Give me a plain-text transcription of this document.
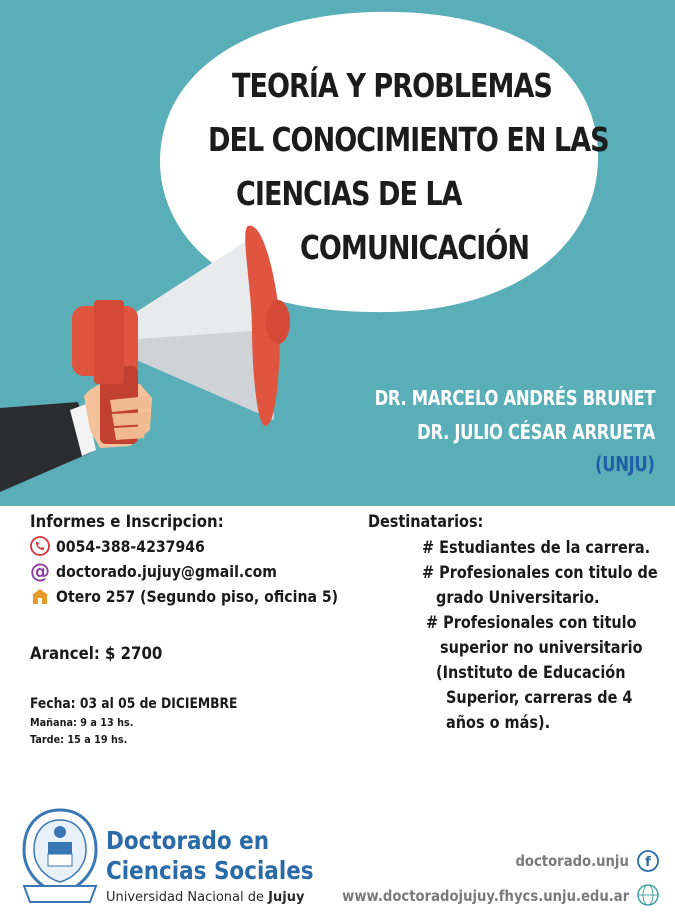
TEORÍA Y PROBLEMAS
DEL CONOCIMIENTO EN LAS
CIENCIAS DE LA
COMUNICACIÓN
DR. MARCELO ANDRÉS BRUNET
DR. JULIO CÉSAR ARRUETA
(UNJU)
Informes e Inscripcion:
0054-388-4237946
@ doctorado.jujuy@gmail.com
Otero 257 (Segundo piso, oficina 5)
Arancel: $ 2700
Fecha: 03 al 05 de DICIEMBRE
Mañana: 9 a 13 hs.
Tarde: 15 a 19 hs.
Destinatarios:
# Estudiantes de la carrera.
# Profesionales con titulo de
grado Universitario.
# Profesionales con titulo
superior no universitario
(Instituto de Educación
Superior, carreras de 4
años o más).
Doctorado en
Ciencias Sociales
Universidad Nacional de Jujuy
doctorado.unju f
www.doctoradojujuy.fhycs.unju.edu.ar
